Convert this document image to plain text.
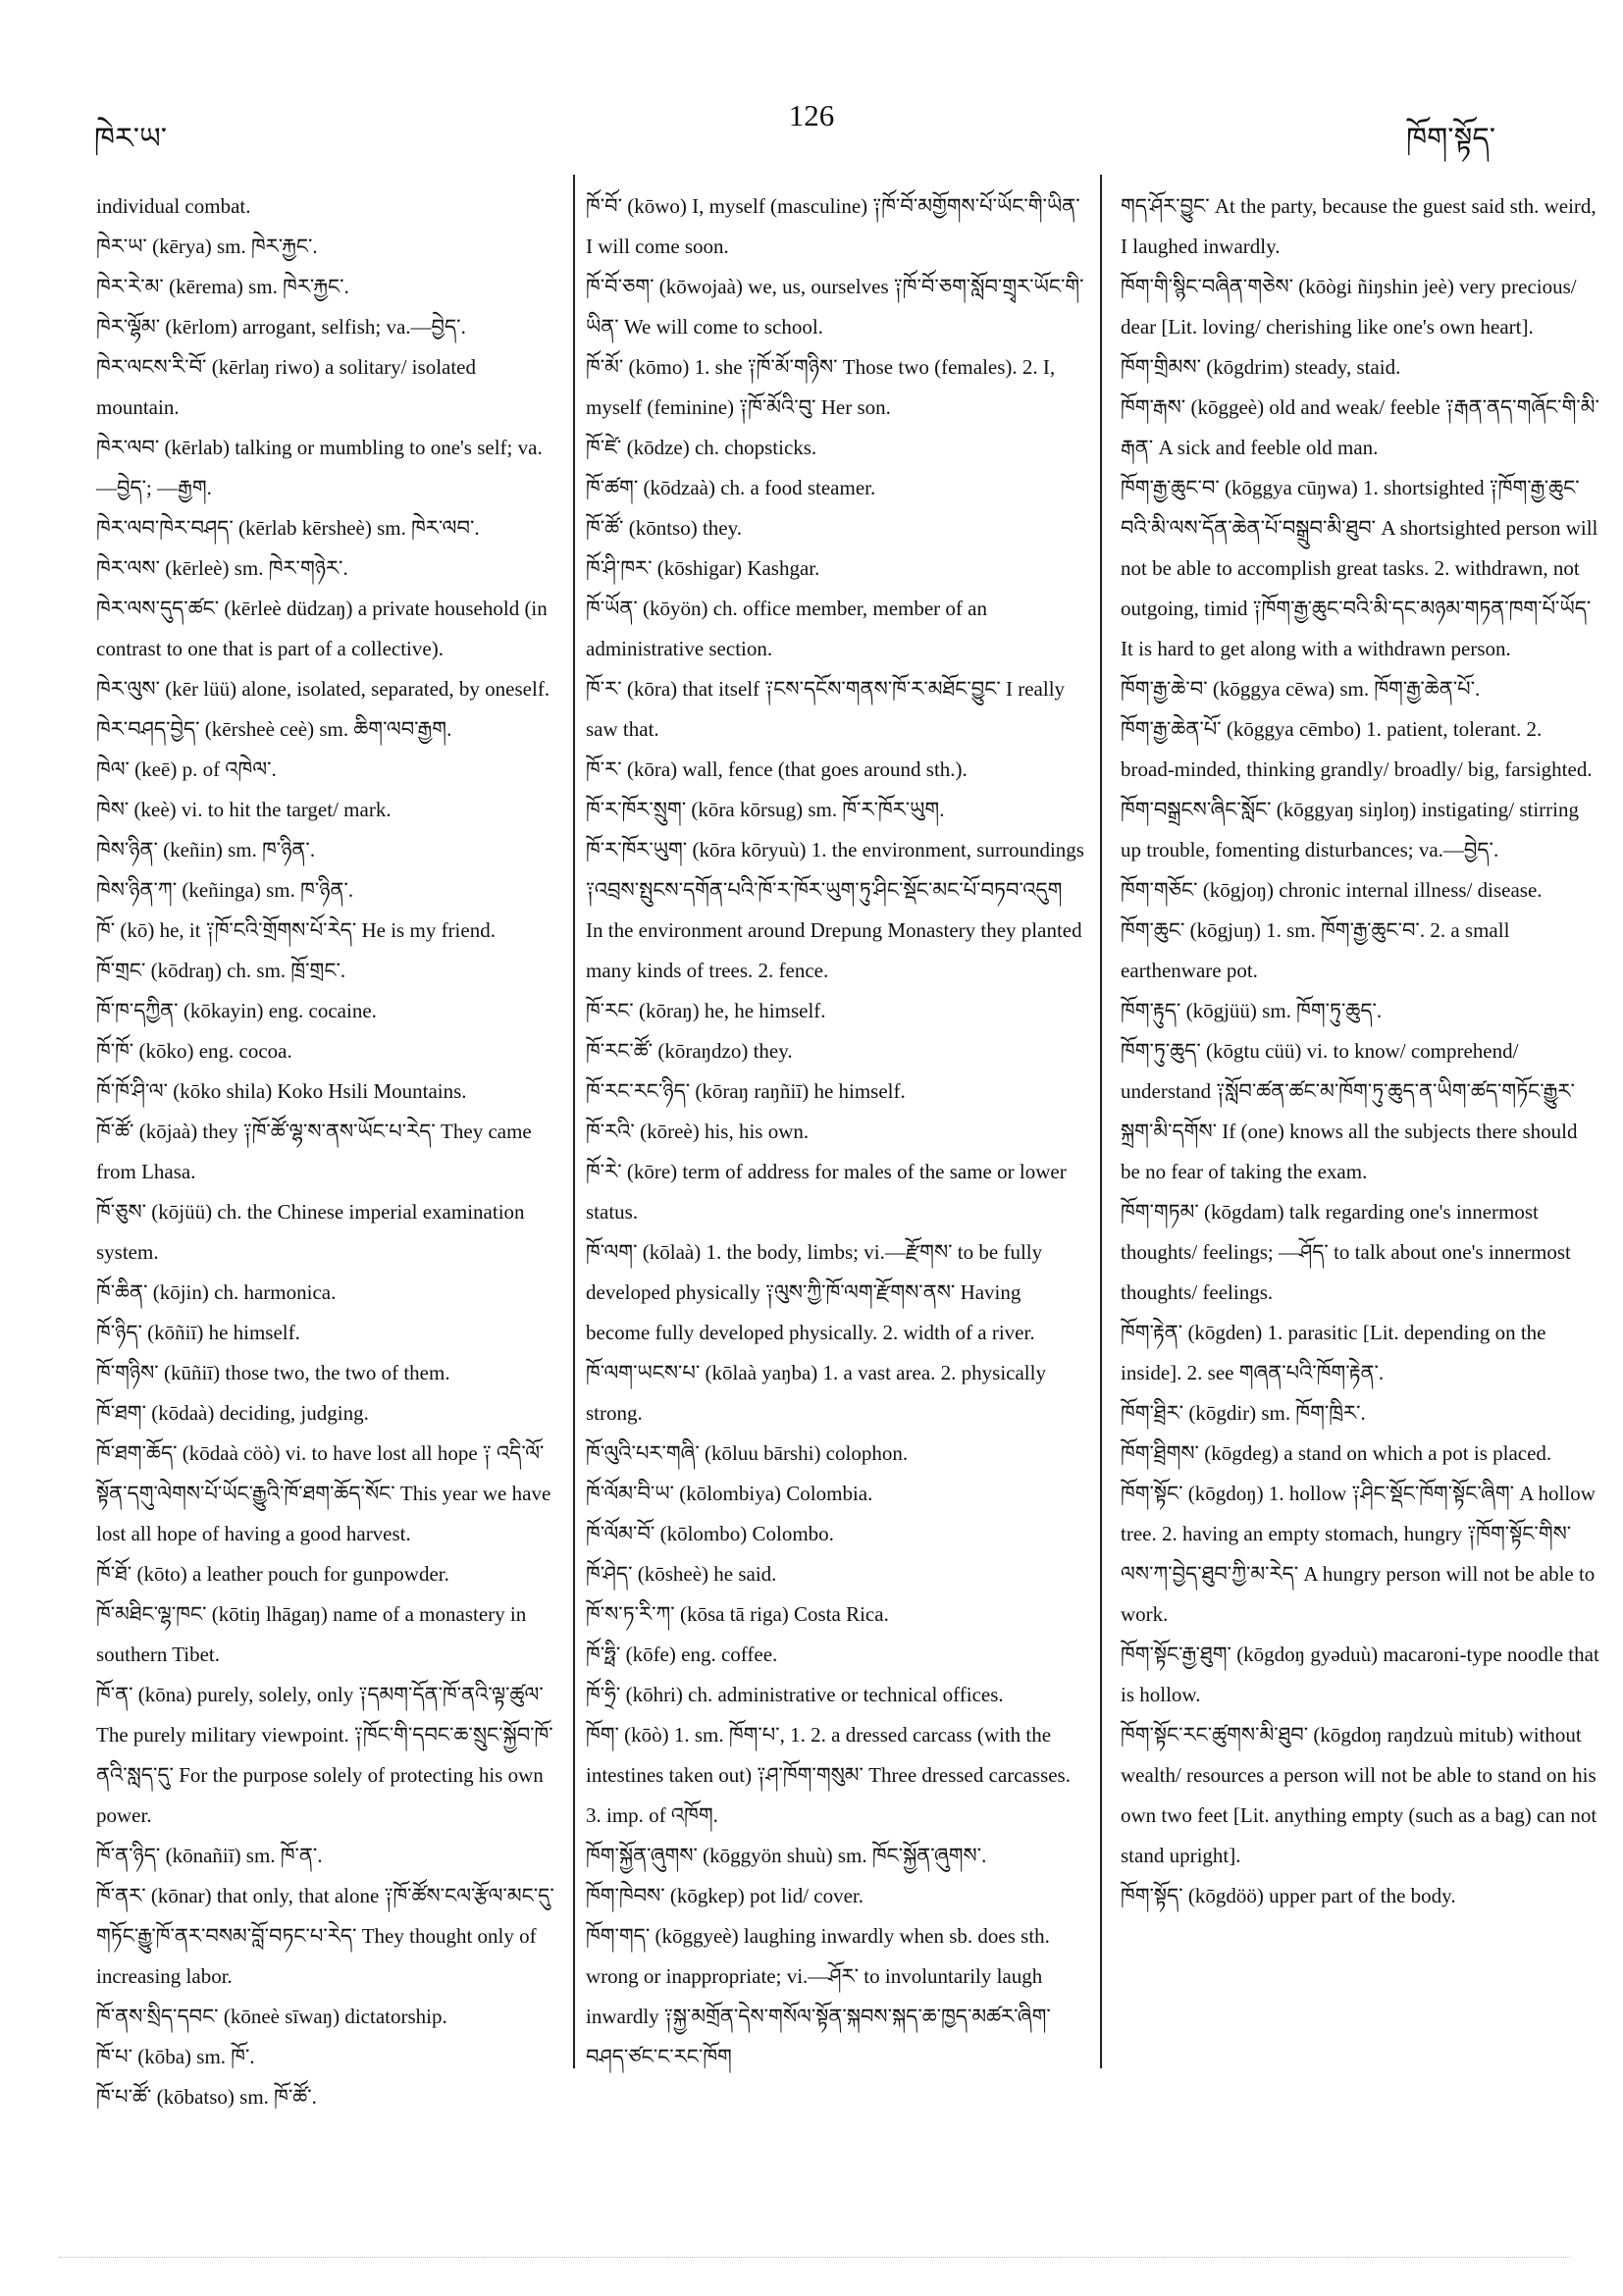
ཁེར་ཡ་
126
ཁོག་སྟོད་

individual combat.

ཁེར་ཡ་ (kērya) sm. ཁེར་རྐྱང་.

ཁེར་རེ་མ་ (kērema) sm. ཁེར་རྐྱང་.

ཁེར་ལྷོམ་ (kērlom) arrogant, selfish; va.—བྱེད་.

ཁེར་ལངས་རི་བོ་ (kērlaŋ riwo) a solitary/ isolated mountain.

ཁེར་ལབ་ (kērlab) talking or mumbling to one's self; va.—བྱེད་; —རྒྱག.

ཁེར་ལབ་ཁེར་བཤད་ (kērlab kērsheè) sm. ཁེར་ལབ་.

ཁེར་ལས་ (kērleè) sm. ཁེར་གཉེར་.

ཁེར་ལས་དུད་ཚང་ (kērleè düdzaŋ) a private household (in contrast to one that is part of a collective).

ཁེར་ལུས་ (kēr lüü) alone, isolated, separated, by oneself.

ཁེར་བཤད་བྱེད་ (kērsheè ceè) sm. ཆིག་ལབ་རྒྱག.

ཁེལ་ (keē) p. of འཁེལ་.

ཁེས་ (keè) vi. to hit the target/ mark.

ཁེས་ཉིན་ (keñin) sm. ཁ་ཉིན་.

ཁེས་ཉིན་ཀ་ (keñinga) sm. ཁ་ཉིན་.

ཁོ་ (kō) he, it ༑ཁོ་ངའི་གྲོགས་པོ་རེད་ He is my friend.

ཁོ་གྲང་ (kōdraŋ) ch. sm. ཁྲོ་གྲང་.

ཁོ་ཁ་དཀྱིན་ (kōkayin) eng. cocaine.

ཁོ་ཁོ་ (kōko) eng. cocoa.

ཁོ་ཁོ་ཤི་ལ་ (kōko shila) Koko Hsili Mountains.

ཁོ་ཚོ་ (kōjaà) they ༑ཁོ་ཚོ་ལྷ་ས་ནས་ཡོང་པ་རེད་ They came from Lhasa.

ཁོ་ཅུས་ (kōjüü) ch. the Chinese imperial examination system.

ཁོ་ཆིན་ (kōjin) ch. harmonica.

ཁོ་ཉིད་ (kōñiī) he himself.

ཁོ་གཉིས་ (kūñiī) those two, the two of them.

ཁོ་ཐག་ (kōdaà) deciding, judging.

ཁོ་ཐག་ཆོད་ (kōdaà cöò) vi. to have lost all hope ༑ འདི་ལོ་སྟོན་དགུ་ལེགས་པོ་ཡོང་རྒྱུའི་ཁོ་ཐག་ཆོད་སོང་ This year we have lost all hope of having a good harvest.

ཁོ་ཐོ་ (kōto) a leather pouch for gunpowder.

ཁོ་མཐིང་ལྷ་ཁང་ (kōtiŋ lhāgaŋ) name of a monastery in southern Tibet.

ཁོ་ན་ (kōna) purely, solely, only ༑དམག་དོན་ཁོ་ནའི་ལྟ་ཚུལ་ The purely military viewpoint. ༑ཁོང་གི་དབང་ཆ་སྲུང་སྐྱོབ་ཁོ་ནའི་སླད་དུ་ For the purpose solely of protecting his own power.

ཁོ་ན་ཉིད་ (kōnañiī) sm. ཁོ་ན་.

ཁོ་ནར་ (kōnar) that only, that alone ༑ཁོ་ཚོས་ངལ་རྩོལ་མང་དུ་གཏོང་རྒྱུ་ཁོ་ནར་བསམ་བློ་བཏང་པ་རེད་ They thought only of increasing labor.

ཁོ་ནས་སྲིད་དབང་ (kōneè sīwaŋ) dictatorship.

ཁོ་པ་ (kōba) sm. ཁོ་.

ཁོ་པ་ཚོ་ (kōbatso) sm. ཁོ་ཚོ་.

ཁོ་བོ་ (kōwo) I, myself (masculine) ༑ཁོ་བོ་མགྱོགས་པོ་ཡོང་གི་ཡིན་ I will come soon.

ཁོ་བོ་ཅག་ (kōwojaà) we, us, ourselves ༑ཁོ་བོ་ཅག་སློབ་གྲྭར་ཡོང་གི་ཡིན་ We will come to school.

ཁོ་མོ་ (kōmo) 1. she ༑ཁོ་མོ་གཉིས་ Those two (females). 2. I, myself (feminine) ༑ཁོ་མོའི་བུ་ Her son.

ཁོ་ཛེ་ (kōdze) ch. chopsticks.

ཁོ་ཚག་ (kōdzaà) ch. a food steamer.

ཁོ་ཚོ་ (kōntso) they.

ཁོ་ཤི་ཁར་ (kōshigar) Kashgar.

ཁོ་ཡོན་ (kōyön) ch. office member, member of an administrative section.

ཁོ་ར་ (kōra) that itself ༑ངས་དངོས་གནས་ཁོ་ར་མཐོང་བྱུང་ I really saw that.

ཁོ་ར་ (kōra) wall, fence (that goes around sth.).

ཁོ་ར་ཁོར་སྲུག་ (kōra kōrsug) sm. ཁོ་ར་ཁོར་ཡུག.

ཁོ་ར་ཁོར་ཡུག་ (kōra kōryuù) 1. the environment, surroundings ༑འབྲས་སྤུངས་དགོན་པའི་ཁོ་ར་ཁོར་ཡུག་ཏུ་ཤིང་སྡོང་མང་པོ་བཏབ་འདུག In the environment around Drepung Monastery they planted many kinds of trees. 2. fence.

ཁོ་རང་ (kōraŋ) he, he himself.

ཁོ་རང་ཚོ་ (kōraŋdzo) they.

ཁོ་རང་རང་ཉིད་ (kōraŋ raŋñiī) he himself.

ཁོ་རའི་ (kōreè) his, his own.

ཁོ་རེ་ (kōre) term of address for males of the same or lower status.

ཁོ་ལག་ (kōlaà) 1. the body, limbs; vi.—རྫོགས་ to be fully developed physically ༑ལུས་ཀྱི་ཁོ་ལག་རྫོགས་ནས་ Having become fully developed physically. 2. width of a river.

ཁོ་ལག་ཡངས་པ་ (kōlaà yaŋba) 1. a vast area. 2. physically strong.

ཁོ་ལུའི་པར་གཞི་ (kōluu bārshi) colophon.

ཁོ་ལོམ་བི་ཡ་ (kōlombiya) Colombia.

ཁོ་ལོམ་བོ་ (kōlombo) Colombo.

ཁོ་ཤེད་ (kōsheè) he said.

ཁོ་ས་ཏ་རི་ཀ་ (kōsa tā riga) Costa Rica.

ཁོ་ཧྥི་ (kōfe) eng. coffee.

ཁོ་ཧྲི་ (kōhri) ch. administrative or technical offices.

ཁོག་ (kōò) 1. sm. ཁོག་པ་, 1. 2. a dressed carcass (with the intestines taken out) ༑ཤ་ཁོག་གསུམ་ Three dressed carcasses. 3. imp. of འཁོག.

ཁོག་སྐྱོན་ཞུགས་ (kōggyön shuù) sm. ཁོང་སྐྱོན་ཞུགས་.

ཁོག་ཁེབས་ (kōgkep) pot lid/ cover.

ཁོག་གད་ (kōggyeè) laughing inwardly when sb. does sth. wrong or inappropriate; vi.—ཤོར་ to involuntarily laugh inwardly ༑སྐྱ་མགྲོན་དེས་གསོལ་སྟོན་སྐབས་སྐད་ཆ་ཁྱད་མཚར་ཞིག་བཤད་ཙང་ང་རང་ཁོག

གད་ཤོར་བྱུང་ At the party, because the guest said sth. weird, I laughed inwardly.

ཁོག་གི་སྙིང་བཞིན་གཅེས་ (kōògi ñiŋshin jeè) very precious/ dear [Lit. loving/ cherishing like one's own heart].

ཁོག་གྲིམས་ (kōgdrim) steady, staid.

ཁོག་རྒས་ (kōggeè) old and weak/ feeble ༑རྒན་ནད་གཞོང་གི་མི་རྒན་ A sick and feeble old man.

ཁོག་རྒྱ་ཆུང་བ་ (kōggya cūŋwa) 1. shortsighted ༑ཁོག་རྒྱ་ཆུང་བའི་མི་ལས་དོན་ཆེན་པོ་བསྒྲུབ་མི་ཐུབ་ A shortsighted person will not be able to accomplish great tasks. 2. withdrawn, not outgoing, timid ༑ཁོག་རྒྱ་ཆུང་བའི་མི་དང་མཉམ་གཏན་ཁག་པོ་ཡོད་ It is hard to get along with a withdrawn person.

ཁོག་རྒྱ་ཆེ་བ་ (kōggya cēwa) sm. ཁོག་རྒྱ་ཆེན་པོ་.

ཁོག་རྒྱ་ཆེན་པོ་ (kōggya cēmbo) 1. patient, tolerant. 2. broad-minded, thinking grandly/ broadly/ big, farsighted.

ཁོག་བསྒྲངས་ཞིང་སློང་ (kōggyaŋ siŋloŋ) instigating/ stirring up trouble, fomenting disturbances; va.—བྱེད་.

ཁོག་གཅོང་ (kōgjoŋ) chronic internal illness/ disease.

ཁོག་ཆུང་ (kōgjuŋ) 1. sm. ཁོག་རྒྱ་ཆུང་བ་. 2. a small earthenware pot.

ཁོག་རྟུད་ (kōgjüü) sm. ཁོག་ཏུ་ཆུད་.

ཁོག་ཏུ་ཆུད་ (kōgtu cüü) vi. to know/ comprehend/ understand ༑སློབ་ཚན་ཚང་མ་ཁོག་ཏུ་ཆུད་ན་ཡིག་ཚད་གཏོང་རྒྱུར་སྐྲག་མི་དགོས་ If (one) knows all the subjects there should be no fear of taking the exam.

ཁོག་གཏམ་ (kōgdam) talk regarding one's innermost thoughts/ feelings; —ཤོད་ to talk about one's innermost thoughts/ feelings.

ཁོག་རྟེན་ (kōgden) 1. parasitic [Lit. depending on the inside]. 2. see གཞན་པའི་ཁོག་རྟེན་.

ཁོག་ཐྲིར་ (kōgdir) sm. ཁོག་ཁྲིར་.

ཁོག་ཐྲིགས་ (kōgdeg) a stand on which a pot is placed.

ཁོག་སྟོང་ (kōgdoŋ) 1. hollow ༑ཤིང་སྡོང་ཁོག་སྟོང་ཞིག་ A hollow tree. 2. having an empty stomach, hungry ༑ཁོག་སྟོང་གིས་ལས་ཀ་བྱེད་ཐུབ་ཀྱི་མ་རེད་ A hungry person will not be able to work.

ཁོག་སྟོང་རྒྱ་ཐུག་ (kōgdoŋ gyǝduù) macaroni-type noodle that is hollow.

ཁོག་སྟོང་རང་ཚུགས་མི་ཐུབ་ (kōgdoŋ raŋdzuù mitub) without wealth/ resources a person will not be able to stand on his own two feet [Lit. anything empty (such as a bag) can not stand upright].

ཁོག་སྟོད་ (kōgdöö) upper part of the body.
